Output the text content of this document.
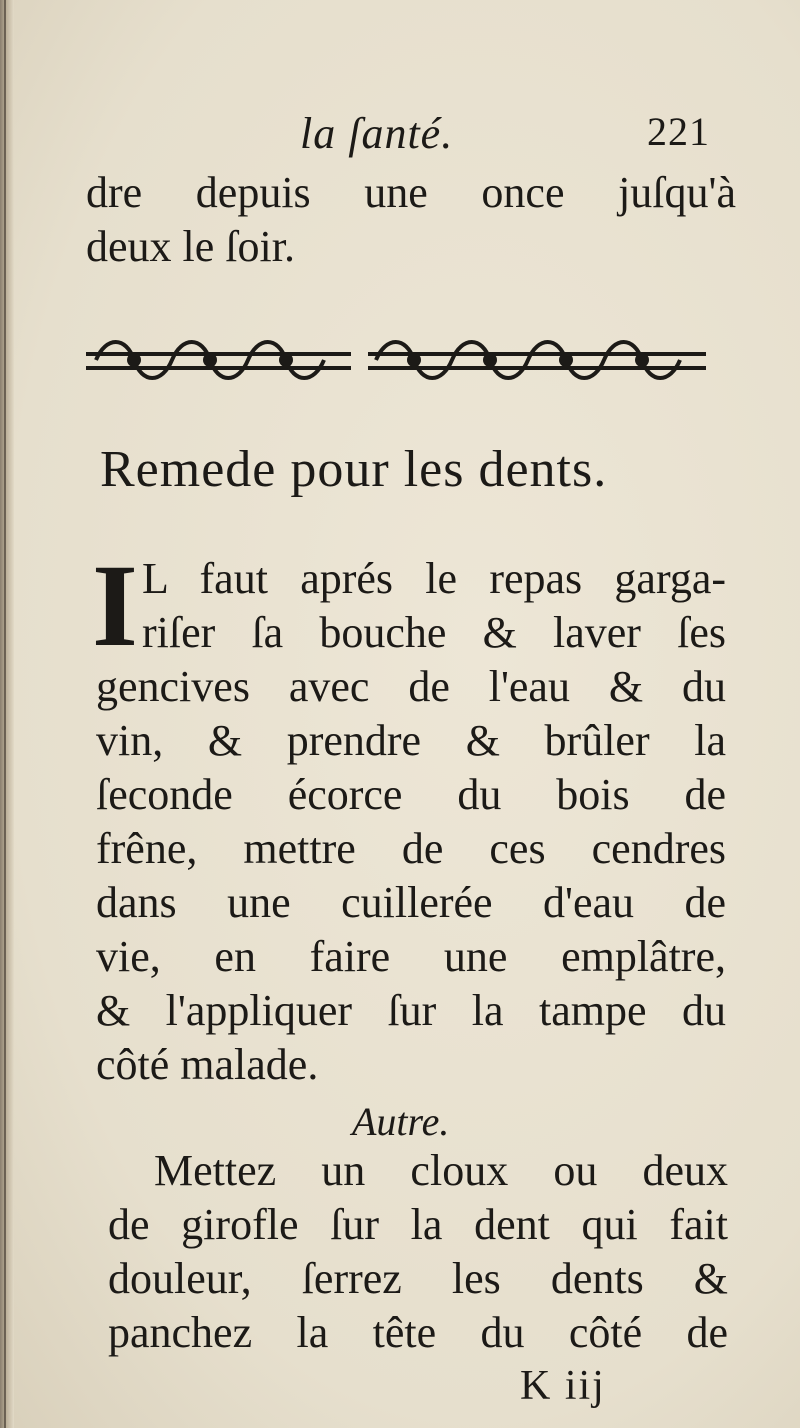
la ſanté.	221
dre depuis une once juſqu'à
deux le ſoir.
Remede pour les dents.
I L faut aprés le repas garga-
riſer ſa bouche & laver ſes
gencives avec de l'eau & du
vin, & prendre & brûler la
ſeconde écorce du bois de
frêne, mettre de ces cendres
dans une cuillerée d'eau de
vie, en faire une emplâtre,
& l'appliquer ſur la tampe du
côté malade.
Autre.
Mettez un cloux ou deux
de girofle ſur la dent qui fait
douleur, ſerrez les dents &
panchez la tête du côté de
K iij
